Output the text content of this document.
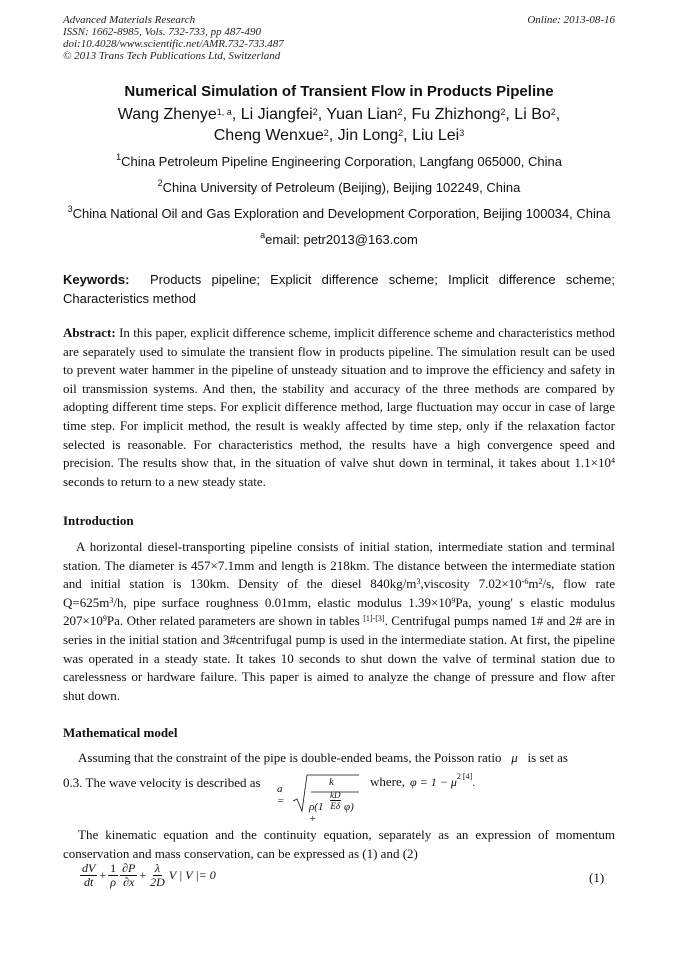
Advanced Materials Research
ISSN: 1662-8985, Vols. 732-733, pp 487-490
doi:10.4028/www.scientific.net/AMR.732-733.487
© 2013 Trans Tech Publications Ltd, Switzerland
Online: 2013-08-16
Numerical Simulation of Transient Flow in Products Pipeline
Wang Zhenye$^{1, a}$, Li Jiangfei$^2$, Yuan Lian$^2$, Fu Zhizhong$^2$, Li Bo$^2$,
Cheng Wenxue$^2$, Jin Long$^2$, Liu Lei$^3$
$^1$China Petroleum Pipeline Engineering Corporation, Langfang 065000, China
$^2$China University of Petroleum (Beijing), Beijing 102249, China
$^3$China National Oil and Gas Exploration and Development Corporation, Beijing 100034, China
$^a$email: petr2013@163.com
Keywords: Products pipeline; Explicit difference scheme; Implicit difference scheme; Characteristics method
Abstract: In this paper, explicit difference scheme, implicit difference scheme and characteristics method are separately used to simulate the transient flow in products pipeline. The simulation result can be used to prevent water hammer in the pipeline of unsteady situation and to improve the efficiency and safety in oil transmission systems. And then, the stability and accuracy of the three methods are compared by adopting different time steps. For explicit difference method, large fluctuation may occur in case of large time step. For implicit method, the result is weakly affected by time step, only if the relaxation factor selected is reasonable. For characteristics method, the results have a high convergence speed and precision. The results show that, in the situation of valve shut down in terminal, it takes about $1.1\times 10^4$ seconds to return to a new steady state.
Introduction
A horizontal diesel-transporting pipeline consists of initial station, intermediate station and terminal station. The diameter is 457×7.1mm and length is 218km. The distance between the intermediate station and initial station is 130km. Density of the diesel $840kg/m^3,viscosity$ $7.02\times 10^{-6}m^2/s$, flow rate $Q=625m^3/h$, pipe surface roughness 0.01mm, elastic modulus $1.39\times 10^9Pa$, young' s elastic modulus $207\times 10^9Pa$. Other related parameters are shown in tables [1]-[3]. Centrifugal pumps named 1# and 2# are in series in the initial station and 3#centrifugal pump is used in the intermediate station. At first, the pipeline was operated in a steady state. It takes 10 seconds to shut down the valve of terminal station due to carelessness or hardware failure. This paper is aimed to analyze the change of pressure and flow after shut down.
Mathematical model
Assuming that the constraint of the pipe is double-ended beams, the Poisson ratio μ is set as
0.3. The wave velocity is described as	a =
k
ρ(1 +
kD
Eδ φ)
where, $\varphi = 1 - \mu^{2 [4]}$.
The kinematic equation and the continuity equation, separately as an expression of momentum conservation and mass conservation, can be expressed as (1) and (2)
$\frac{dV}{dt} + \frac{1}{\rho} \frac{\partial P}{\partial x} + \frac{\lambda}{2D}$ V | V |= 0	(1)
